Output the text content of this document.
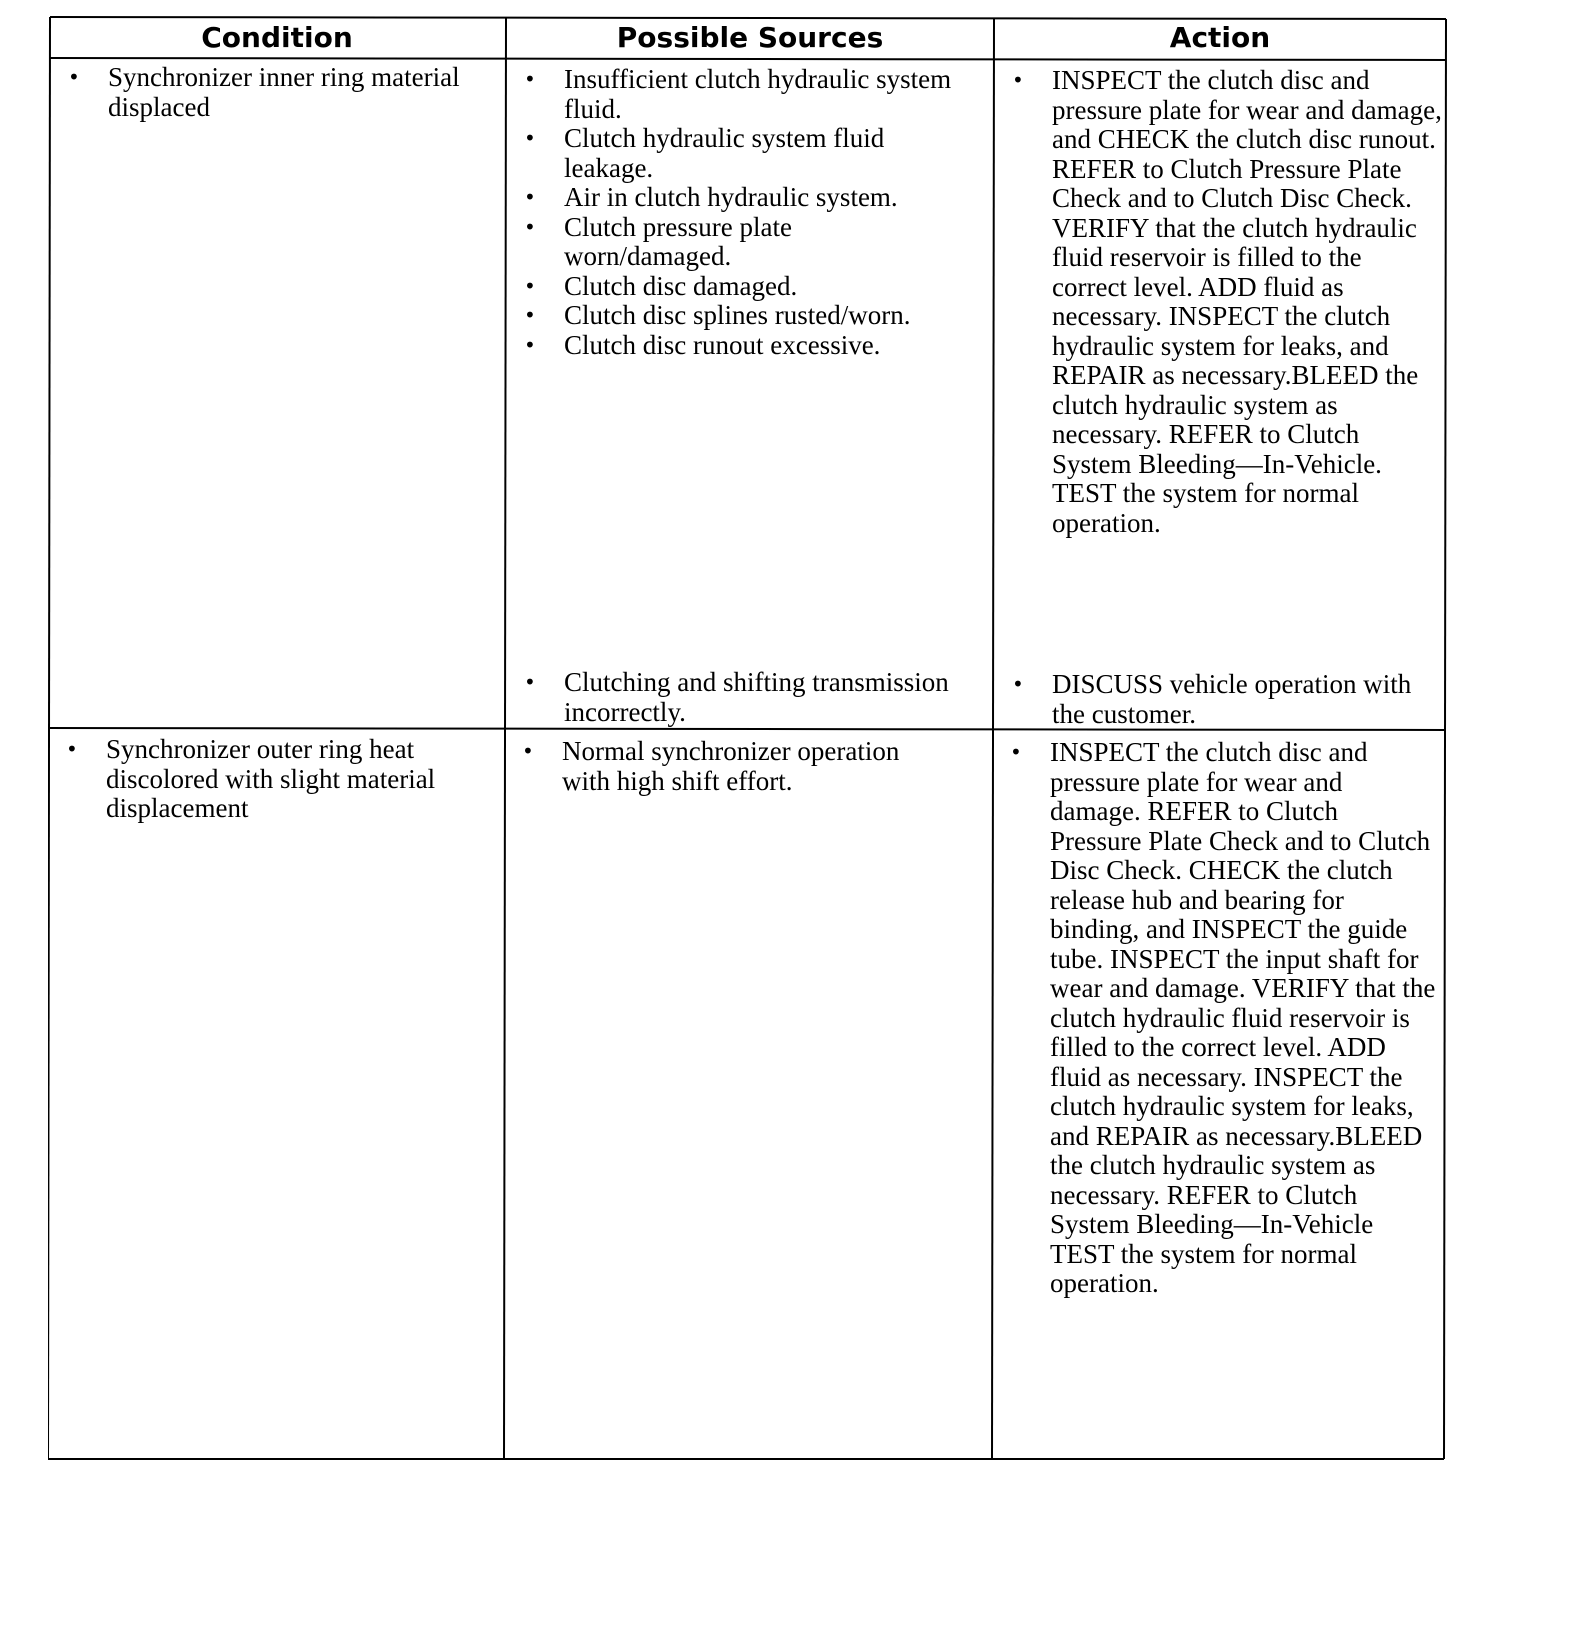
Condition	Possible Sources	Action
• Synchronizer inner ring material displaced
• Insufficient clutch hydraulic system fluid.
• Clutch hydraulic system fluid leakage.
• Air in clutch hydraulic system.
• Clutch pressure plate worn/damaged.
• Clutch disc damaged.
• Clutch disc splines rusted/worn.
• Clutch disc runout excessive.
• INSPECT the clutch disc and pressure plate for wear and damage, and CHECK the clutch disc runout. REFER to Clutch Pressure Plate Check and to Clutch Disc Check. VERIFY that the clutch hydraulic fluid reservoir is filled to the correct level. ADD fluid as necessary. INSPECT the clutch hydraulic system for leaks, and REPAIR as necessary.BLEED the clutch hydraulic system as necessary. REFER to Clutch System Bleeding—In-Vehicle. TEST the system for normal operation.
• Clutching and shifting transmission incorrectly.
• DISCUSS vehicle operation with the customer.
• Synchronizer outer ring heat discolored with slight material displacement
• Normal synchronizer operation with high shift effort.
• INSPECT the clutch disc and pressure plate for wear and damage. REFER to Clutch Pressure Plate Check and to Clutch Disc Check. CHECK the clutch release hub and bearing for binding, and INSPECT the guide tube. INSPECT the input shaft for wear and damage. VERIFY that the clutch hydraulic fluid reservoir is filled to the correct level. ADD fluid as necessary. INSPECT the clutch hydraulic system for leaks, and REPAIR as necessary.BLEED the clutch hydraulic system as necessary. REFER to Clutch System Bleeding—In-Vehicle TEST the system for normal operation.
